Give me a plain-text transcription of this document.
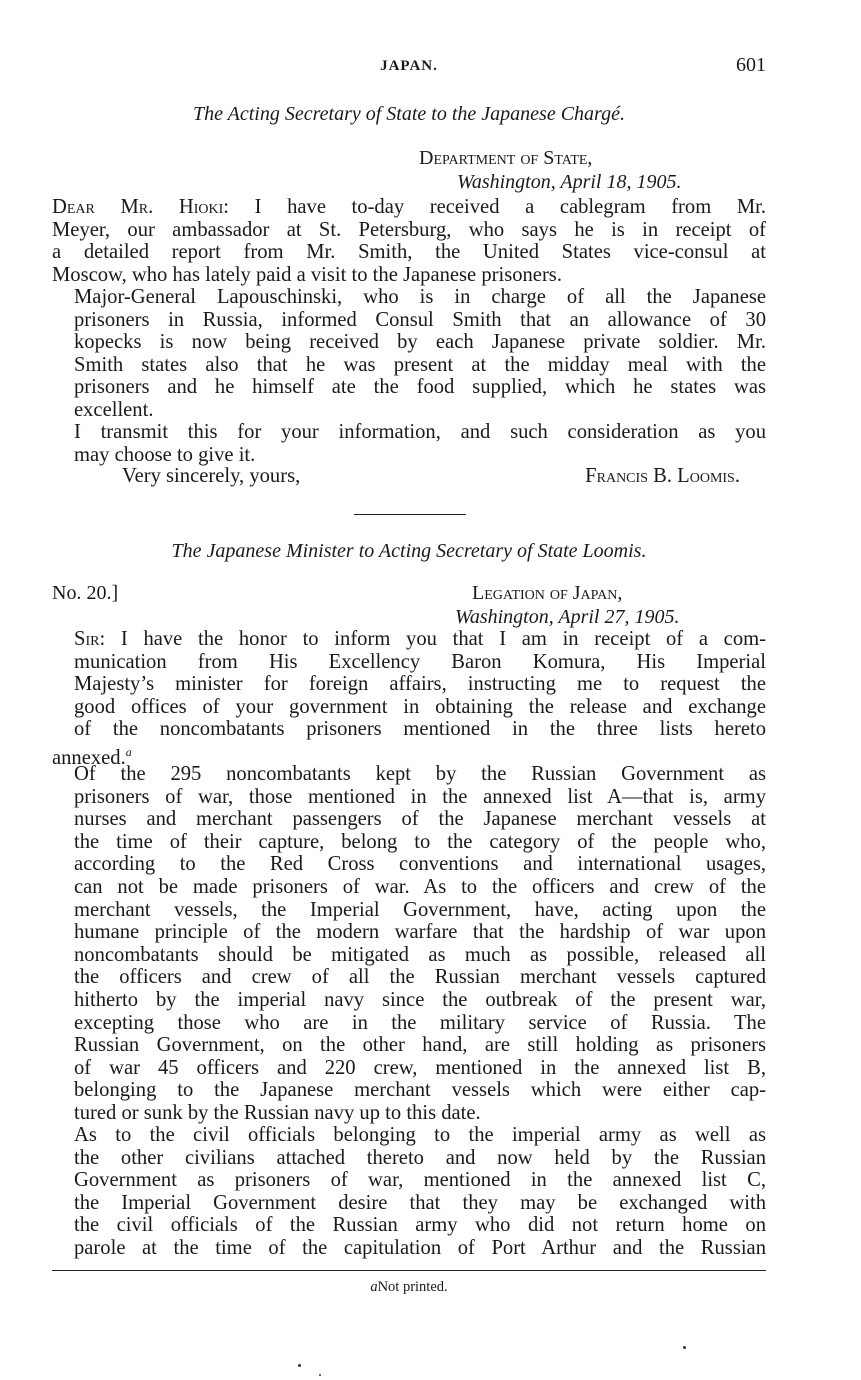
JAPAN.	601
The Acting Secretary of State to the Japanese Chargé.
Department of State,
Washington, April 18, 1905.
Dear Mr. Hioki: I have to-day received a cablegram from Mr.
Meyer, our ambassador at St. Petersburg, who says he is in receipt of
a detailed report from Mr. Smith, the United States vice-consul at
Moscow, who has lately paid a visit to the Japanese prisoners.
Major-General Lapouschinski, who is in charge of all the Japanese
prisoners in Russia, informed Consul Smith that an allowance of 30
kopecks is now being received by each Japanese private soldier. Mr.
Smith states also that he was present at the midday meal with the
prisoners and he himself ate the food supplied, which he states was
excellent.
I transmit this for your information, and such consideration as you
may choose to give it.
Very sincerely, yours,	Francis B. Loomis.
The Japanese Minister to Acting Secretary of State Loomis.
No. 20.]	Legation of Japan,
Washington, April 27, 1905.
Sir: I have the honor to inform you that I am in receipt of a com-
munication from His Excellency Baron Komura, His Imperial
Majesty’s minister for foreign affairs, instructing me to request the
good offices of your government in obtaining the release and exchange
of the noncombatants prisoners mentioned in the three lists hereto
annexed.$^a$
Of the 295 noncombatants kept by the Russian Government as
prisoners of war, those mentioned in the annexed list A—that is, army
nurses and merchant passengers of the Japanese merchant vessels at
the time of their capture, belong to the category of the people who,
according to the Red Cross conventions and international usages,
can not be made prisoners of war. As to the officers and crew of the
merchant vessels, the Imperial Government, have, acting upon the
humane principle of the modern warfare that the hardship of war upon
noncombatants should be mitigated as much as possible, released all
the officers and crew of all the Russian merchant vessels captured
hitherto by the imperial navy since the outbreak of the present war,
excepting those who are in the military service of Russia. The
Russian Government, on the other hand, are still holding as prisoners
of war 45 officers and 220 crew, mentioned in the annexed list B,
belonging to the Japanese merchant vessels which were either cap-
tured or sunk by the Russian navy up to this date.
As to the civil officials belonging to the imperial army as well as
the other civilians attached thereto and now held by the Russian
Government as prisoners of war, mentioned in the annexed list C,
the Imperial Government desire that they may be exchanged with
the civil officials of the Russian army who did not return home on
parole at the time of the capitulation of Port Arthur and the Russian
aNot printed.
